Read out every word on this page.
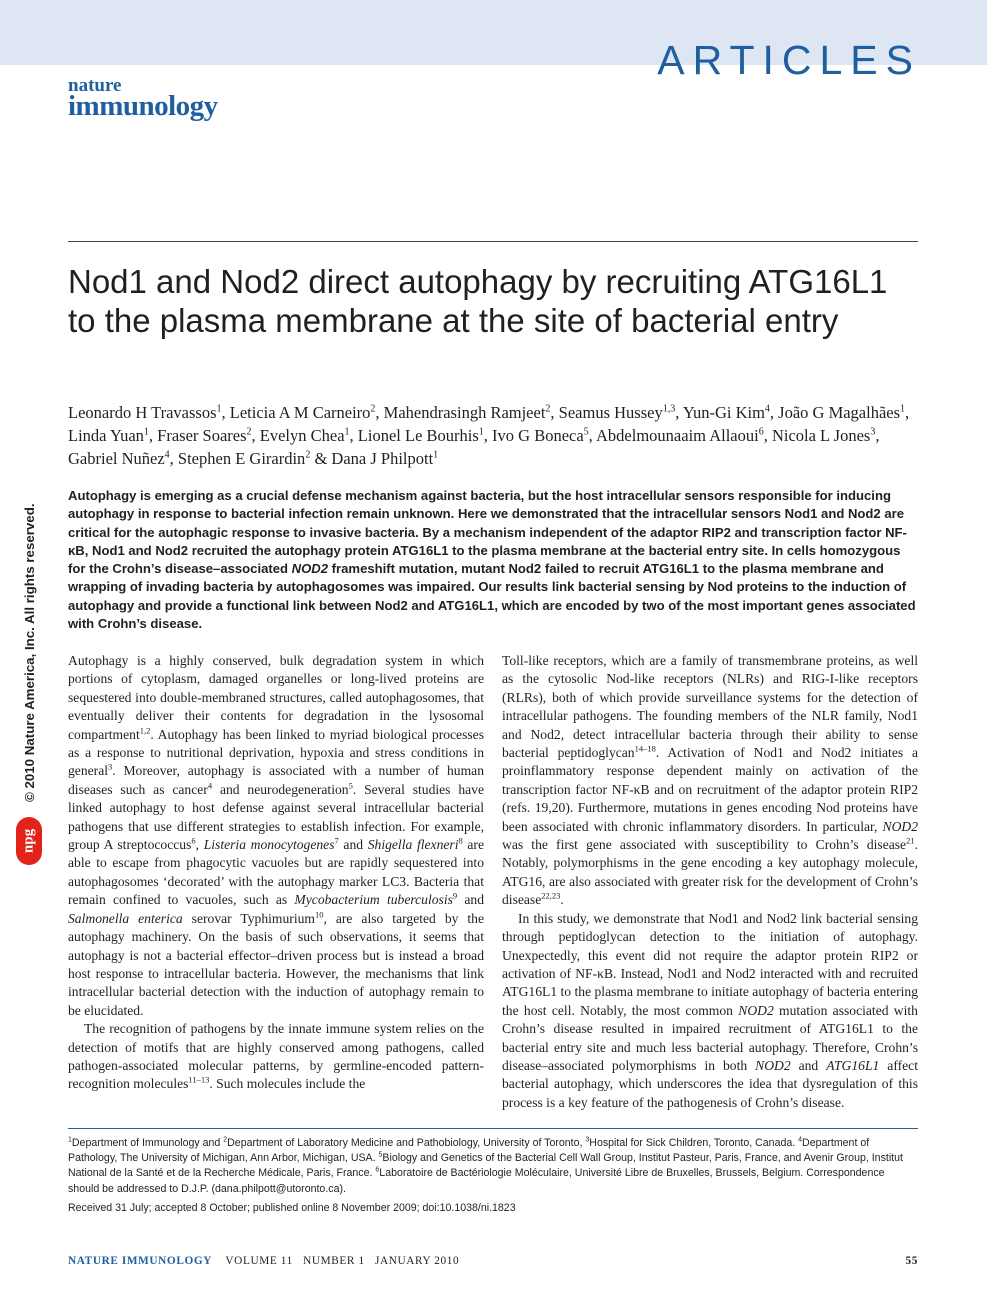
ARTICLES
nature
immunology
Nod1 and Nod2 direct autophagy by recruiting ATG16L1 to the plasma membrane at the site of bacterial entry
Leonardo H Travassos$^1$, Leticia A M Carneiro$^2$, Mahendrasingh Ramjeet$^2$, Seamus Hussey$^{1,3}$, Yun-Gi Kim$^4$, João G Magalhães$^1$, Linda Yuan$^1$, Fraser Soares$^2$, Evelyn Chea$^1$, Lionel Le Bourhis$^1$, Ivo G Boneca$^5$, Abdelmounaaim Allaoui$^6$, Nicola L Jones$^3$, Gabriel Nuñez$^4$, Stephen E Girardin$^2$ & Dana J Philpott$^1$
Autophagy is emerging as a crucial defense mechanism against bacteria, but the host intracellular sensors responsible for inducing autophagy in response to bacterial infection remain unknown. Here we demonstrated that the intracellular sensors Nod1 and Nod2 are critical for the autophagic response to invasive bacteria. By a mechanism independent of the adaptor RIP2 and transcription factor NF-κB, Nod1 and Nod2 recruited the autophagy protein ATG16L1 to the plasma membrane at the bacterial entry site. In cells homozygous for the Crohn’s disease–associated NOD2 frameshift mutation, mutant Nod2 failed to recruit ATG16L1 to the plasma membrane and wrapping of invading bacteria by autophagosomes was impaired. Our results link bacterial sensing by Nod proteins to the induction of autophagy and provide a functional link between Nod2 and ATG16L1, which are encoded by two of the most important genes associated with Crohn’s disease.

Autophagy is a highly conserved, bulk degradation system in which portions of cytoplasm, damaged organelles or long-lived proteins are sequestered into double-membraned structures, called autophagosomes, that eventually deliver their contents for degradation in the lysosomal compartment$^{1,2}$. Autophagy has been linked to myriad biological processes as a response to nutritional deprivation, hypoxia and stress conditions in general$^3$. Moreover, autophagy is associated with a number of human diseases such as cancer$^4$ and neurodegeneration$^5$. Several studies have linked autophagy to host defense against several intracellular bacterial pathogens that use different strategies to establish infection. For example, group A streptococcus$^6$, Listeria monocytogenes$^7$ and Shigella flexneri$^8$ are able to escape from phagocytic vacuoles but are rapidly sequestered into autophagosomes ‘decorated’ with the autophagy marker LC3. Bacteria that remain confined to vacuoles, such as Mycobacterium tuberculosis$^9$ and Salmonella enterica serovar Typhimurium$^{10}$, are also targeted by the autophagy machinery. On the basis of such observations, it seems that autophagy is not a bacterial effector–driven process but is instead a broad host response to intracellular bacteria. However, the mechanisms that link intracellular bacterial detection with the induction of autophagy remain to be elucidated.

The recognition of pathogens by the innate immune system relies on the detection of motifs that are highly conserved among pathogens, called pathogen-associated molecular patterns, by germline-encoded pattern-recognition molecules$^{11-13}$. Such molecules include the

Toll-like receptors, which are a family of transmembrane proteins, as well as the cytosolic Nod-like receptors (NLRs) and RIG-I-like receptors (RLRs), both of which provide surveillance systems for the detection of intracellular pathogens. The founding members of the NLR family, Nod1 and Nod2, detect intracellular bacteria through their ability to sense bacterial peptidoglycan$^{14-18}$. Activation of Nod1 and Nod2 initiates a proinflammatory response dependent mainly on activation of the transcription factor NF-κB and on recruitment of the adaptor protein RIP2 (refs. 19,20). Furthermore, mutations in genes encoding Nod proteins have been associated with chronic inflammatory disorders. In particular, NOD2 was the first gene associated with susceptibility to Crohn’s disease$^{21}$. Notably, polymorphisms in the gene encoding a key autophagy molecule, ATG16, are also associated with greater risk for the development of Crohn’s disease$^{22,23}$.

In this study, we demonstrate that Nod1 and Nod2 link bacterial sensing through peptidoglycan detection to the initiation of autophagy. Unexpectedly, this event did not require the adaptor protein RIP2 or activation of NF-κB. Instead, Nod1 and Nod2 interacted with and recruited ATG16L1 to the plasma membrane to initiate autophagy of bacteria entering the host cell. Notably, the most common NOD2 mutation associated with Crohn’s disease resulted in impaired recruitment of ATG16L1 to the bacterial entry site and much less bacterial autophagy. Therefore, Crohn’s disease–associated polymorphisms in both NOD2 and ATG16L1 affect bacterial autophagy, which underscores the idea that dysregulation of this process is a key feature of the pathogenesis of Crohn’s disease.

$^1$Department of Immunology and $^2$Department of Laboratory Medicine and Pathobiology, University of Toronto, $^3$Hospital for Sick Children, Toronto, Canada. $^4$Department of Pathology, The University of Michigan, Ann Arbor, Michigan, USA. $^5$Biology and Genetics of the Bacterial Cell Wall Group, Institut Pasteur, Paris, France, and Avenir Group, Institut National de la Santé et de la Recherche Médicale, Paris, France. $^6$Laboratoire de Bactériologie Moléculaire, Université Libre de Bruxelles, Brussels, Belgium. Correspondence should be addressed to D.J.P. (dana.philpott@utoronto.ca).
Received 31 July; accepted 8 October; published online 8 November 2009; doi:10.1038/ni.1823
NATURE IMMUNOLOGY VOLUME 11   NUMBER 1   JANUARY 2010	55
© 2010 Nature America, Inc. All rights reserved.
npg
